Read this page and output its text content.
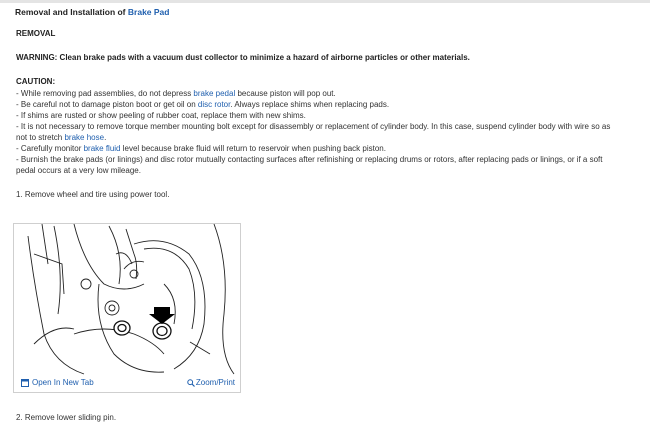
Removal and Installation of Brake Pad
REMOVAL
WARNING: Clean brake pads with a vacuum dust collector to minimize a hazard of airborne particles or other materials.
CAUTION:
- While removing pad assemblies, do not depress brake pedal because piston will pop out.
- Be careful not to damage piston boot or get oil on disc rotor. Always replace shims when replacing pads.
- If shims are rusted or show peeling of rubber coat, replace them with new shims.
- It is not necessary to remove torque member mounting bolt except for disassembly or replacement of cylinder body. In this case, suspend cylinder body with wire so as
not to stretch brake hose.
- Carefully monitor brake fluid level because brake fluid will return to reservoir when pushing back piston.
- Burnish the brake pads (or linings) and disc rotor mutually contacting surfaces after refinishing or replacing drums or rotors, after replacing pads or linings, or if a soft
pedal occurs at a very low mileage.
1. Remove wheel and tire using power tool.
Open In New Tab	Zoom/Print
2. Remove lower sliding pin.
